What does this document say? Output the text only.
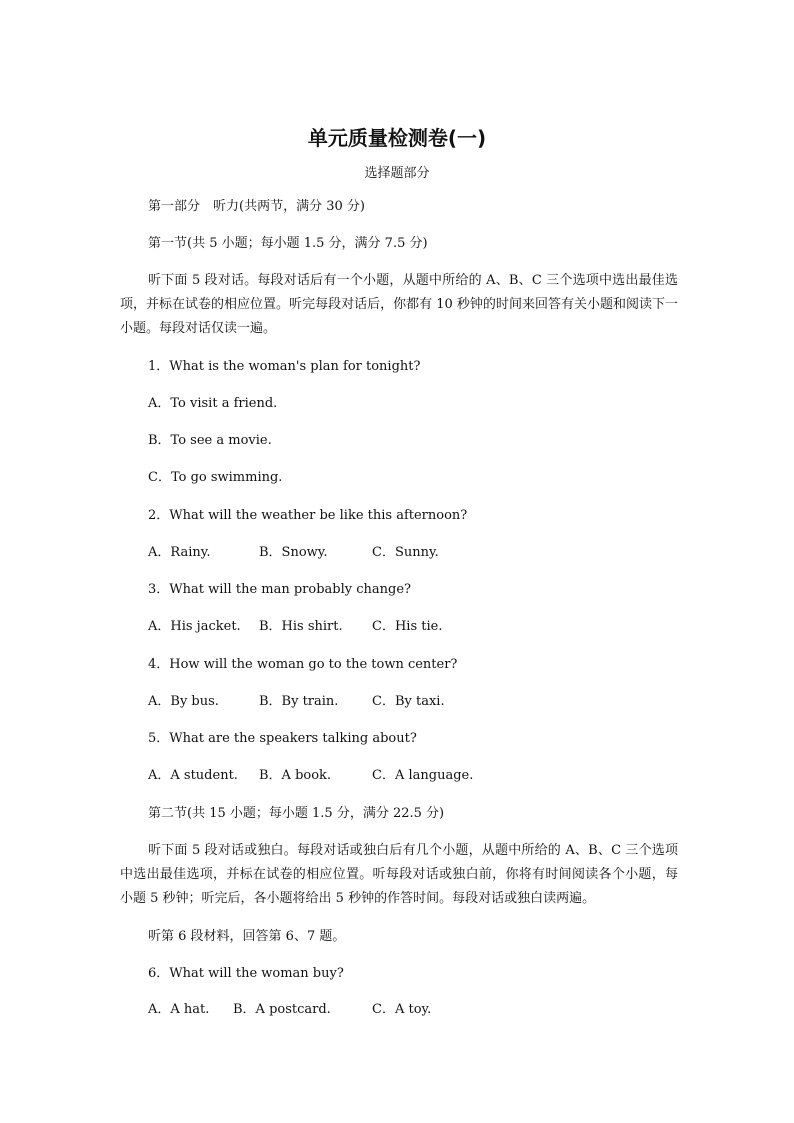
单元质量检测卷(一)
选择题部分
第一部分　听力(共两节，满分 30 分)
第一节(共 5 小题；每小题 1.5 分，满分 7.5 分)
听下面 5 段对话。每段对话后有一个小题，从题中所给的 A、B、C 三个选项中选出最佳选项，并标在试卷的相应位置。听完每段对话后，你都有 10 秒钟的时间来回答有关小题和阅读下一小题。每段对话仅读一遍。
1．What is the woman's plan for tonight?
A．To visit a friend.
B．To see a movie.
C．To go swimming.
2．What will the weather be like this afternoon?
A．Rainy.	B．Snowy.	C．Sunny.
3．What will the man probably change?
A．His jacket. B．His shirt. C．His tie.
4．How will the woman go to the town center?
A．By bus.	B．By train.	C．By taxi.
5．What are the speakers talking about?
A．A student. B．A book.	C．A language.
第二节(共 15 小题；每小题 1.5 分，满分 22.5 分)
听下面 5 段对话或独白。每段对话或独白后有几个小题，从题中所给的 A、B、C 三个选项中选出最佳选项，并标在试卷的相应位置。听每段对话或独白前，你将有时间阅读各个小题，每小题 5 秒钟；听完后，各小题将给出 5 秒钟的作答时间。每段对话或独白读两遍。
听第 6 段材料，回答第 6、7 题。
6．What will the woman buy?
A．A hat. B．A postcard.	C．A toy.
